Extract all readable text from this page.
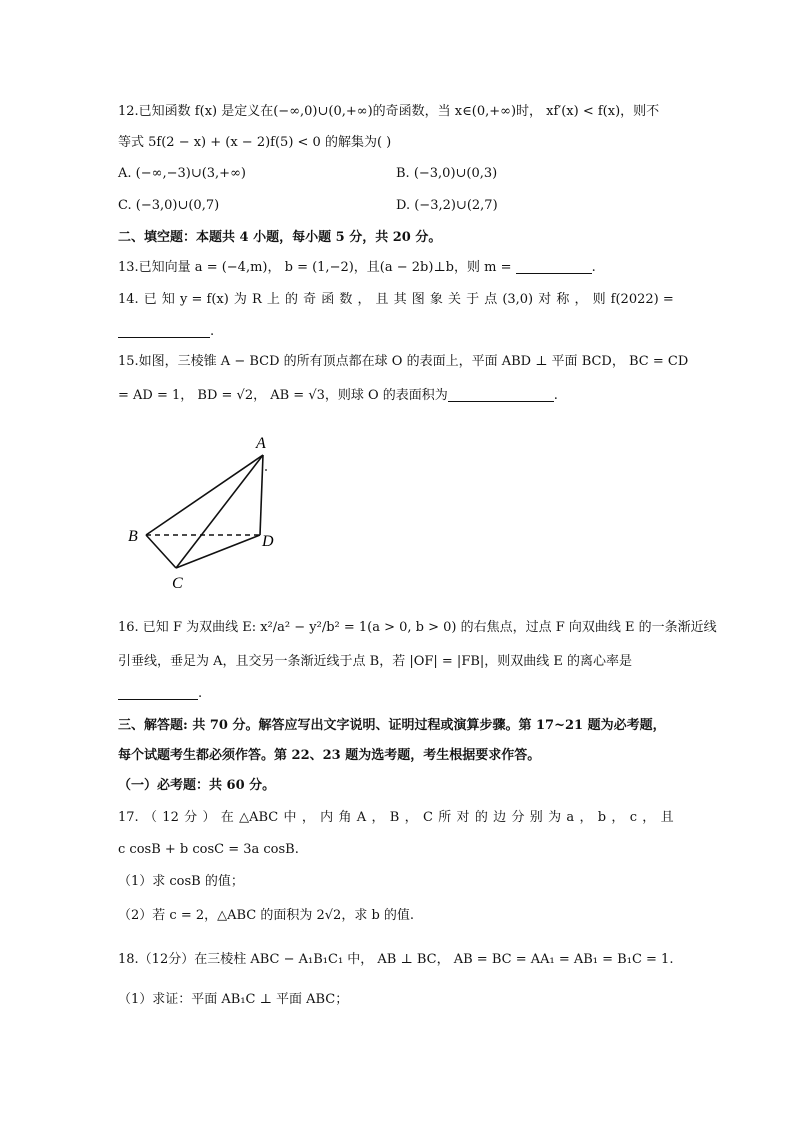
12.已知函数 f(x) 是定义在(−∞,0)∪(0,+∞)的奇函数，当 x∈(0,+∞)时， xf′(x) < f(x)，则不
等式 5f(2 − x) + (x − 2)f(5) < 0 的解集为( )
A. (−∞,−3)∪(3,+∞)	B. (−3,0)∪(0,3)
C. (−3,0)∪(0,7)	D. (−3,2)∪(2,7)
二、填空题：本题共 4 小题，每小题 5 分，共 20 分。
13.已知向量 a = (−4,m)， b = (1,−2)，且(a − 2b)⊥b，则 m =	.
14. 已 知 y = f(x) 为 R 上 的 奇 函 数 ， 且 其 图 象 关 于 点 (3,0) 对 称 ， 则 f(2022) =
.
15.如图，三棱锥 A − BCD 的所有顶点都在球 O 的表面上，平面 ABD ⊥ 平面 BCD， BC = CD
= AD = 1， BD = √2， AB = √3，则球 O 的表面积为	.
A
B
C
D
16. 已知 F 为双曲线 E: x²/a² − y²/b² = 1(a > 0, b > 0) 的右焦点，过点 F 向双曲线 E 的一条渐近线
引垂线，垂足为 A，且交另一条渐近线于点 B，若 |OF| = |FB|，则双曲线 E 的离心率是
.
三、解答题: 共 70 分。解答应写出文字说明、证明过程或演算步骤。第 17~21 题为必考题，
每个试题考生都必须作答。第 22、23 题为选考题，考生根据要求作答。
（一）必考题：共 60 分。
17. （ 12 分 ） 在 △ABC 中 ， 内 角 A ， B ， C 所 对 的 边 分 别 为 a ， b ， c ， 且
c cosB + b cosC = 3a cosB.
（1）求 cosB 的值；
（2）若 c = 2，△ABC 的面积为 2√2，求 b 的值.
18.（12分）在三棱柱 ABC − A₁B₁C₁ 中， AB ⊥ BC， AB = BC = AA₁ = AB₁ = B₁C = 1.
（1）求证：平面 AB₁C ⊥ 平面 ABC；
